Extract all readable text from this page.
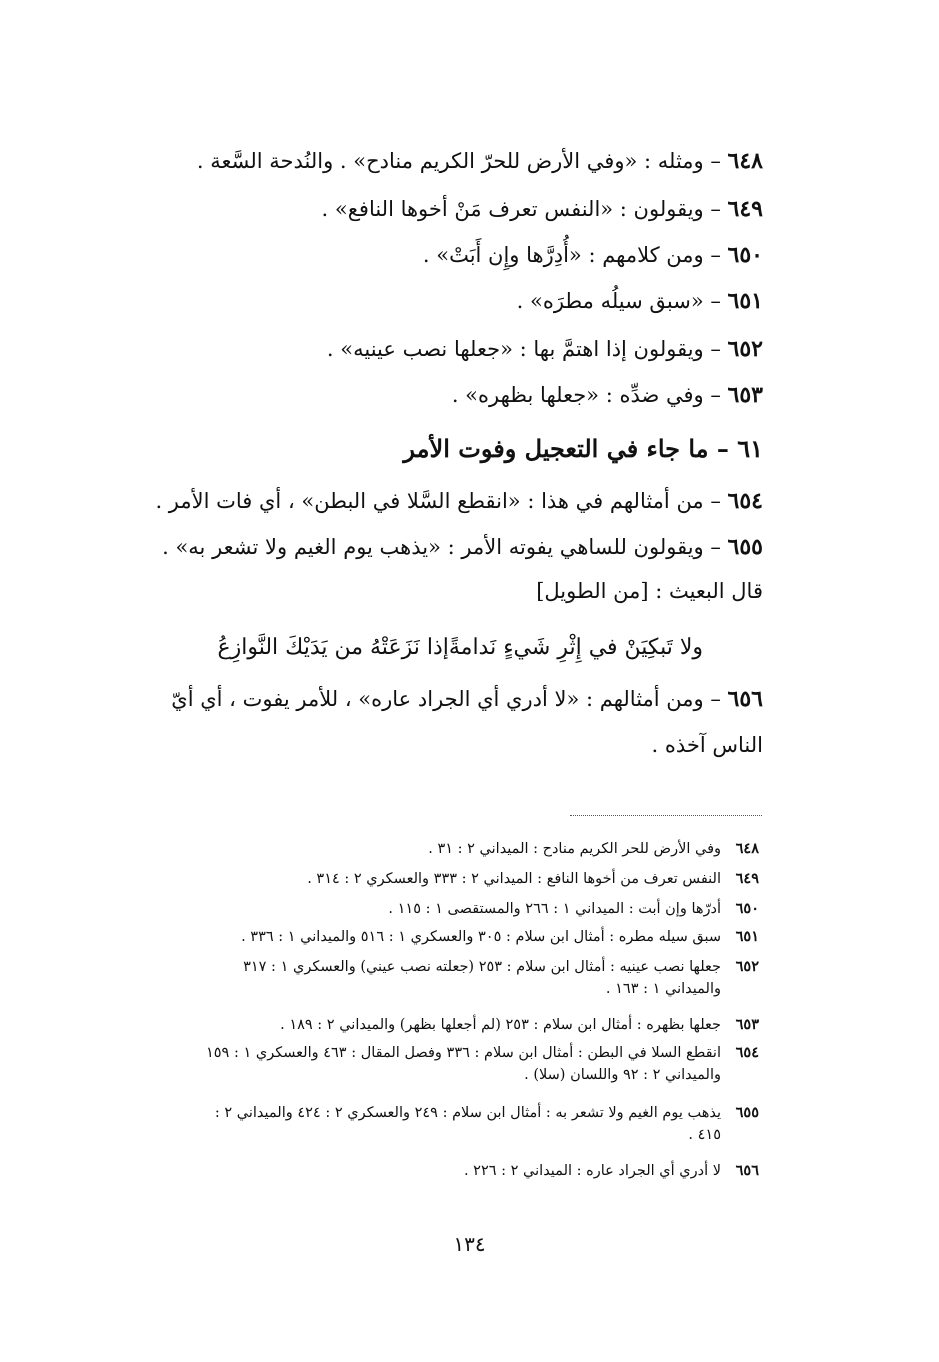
٦٤٨ – ومثله : «وفي الأرض للحرّ الكريم منادح» . والنُدحة السَّعة .
٦٤٩ – ويقولون : «النفس تعرف مَنْ أخوها النافع» .
٦٥٠ – ومن كلامهم : «أُدِرَّها وإِن أَبَتْ» .
٦٥١ – «سبق سيلُه مطرَه» .
٦٥٢ – ويقولون إذا اهتمَّ بها : «جعلها نصب عينيه» .
٦٥٣ – وفي ضدِّه : «جعلها بظهره» .
٦١ – ما جاء في التعجيل وفوت الأمر
٦٥٤ – من أمثالهم في هذا : «انقطع السَّلا في البطن» ، أي فات الأمر .
٦٥٥ – ويقولون للساهي يفوته الأمر : «يذهب يوم الغيم ولا تشعر به» .
قال البعيث : [من الطويل]
ولا تَبكِيَنْ في إِثْرِ شَيءٍ نَدامةً
إذا نَزَعَتْهُ من يَدَيْكَ النَّوازِعُ
٦٥٦ – ومن أمثالهم : «لا أدري أي الجراد عاره» ، للأمر يفوت ، أي أيّ
الناس آخذه .
٦٤٨وفي الأرض للحر الكريم منادح : الميداني ٢ : ٣١ .
٦٤٩النفس تعرف من أخوها النافع : الميداني ٢ : ٣٣٣ والعسكري ٢ : ٣١٤ .
٦٥٠أدرّها وإن أبت : الميداني ١ : ٢٦٦ والمستقصى ١ : ١١٥ .
٦٥١سبق سيله مطره : أمثال ابن سلام : ٣٠٥ والعسكري ١ : ٥١٦ والميداني ١ : ٣٣٦ .
٦٥٢جعلها نصب عينيه : أمثال ابن سلام : ٢٥٣ (جعلته نصب عيني) والعسكري ١ : ٣١٧
والميداني ١ : ١٦٣ .
٦٥٣جعلها بظهره : أمثال ابن سلام : ٢٥٣ (لم أجعلها بظهر) والميداني ٢ : ١٨٩ .
٦٥٤انقطع السلا في البطن : أمثال ابن سلام : ٣٣٦ وفصل المقال : ٤٦٣ والعسكري ١ : ١٥٩
والميداني ٢ : ٩٢ واللسان (سلا) .
٦٥٥يذهب يوم الغيم ولا تشعر به : أمثال ابن سلام : ٢٤٩ والعسكري ٢ : ٤٢٤ والميداني ٢ :
٤١٥ .
٦٥٦لا أدري أي الجراد عاره : الميداني ٢ : ٢٢٦ .
١٣٤
